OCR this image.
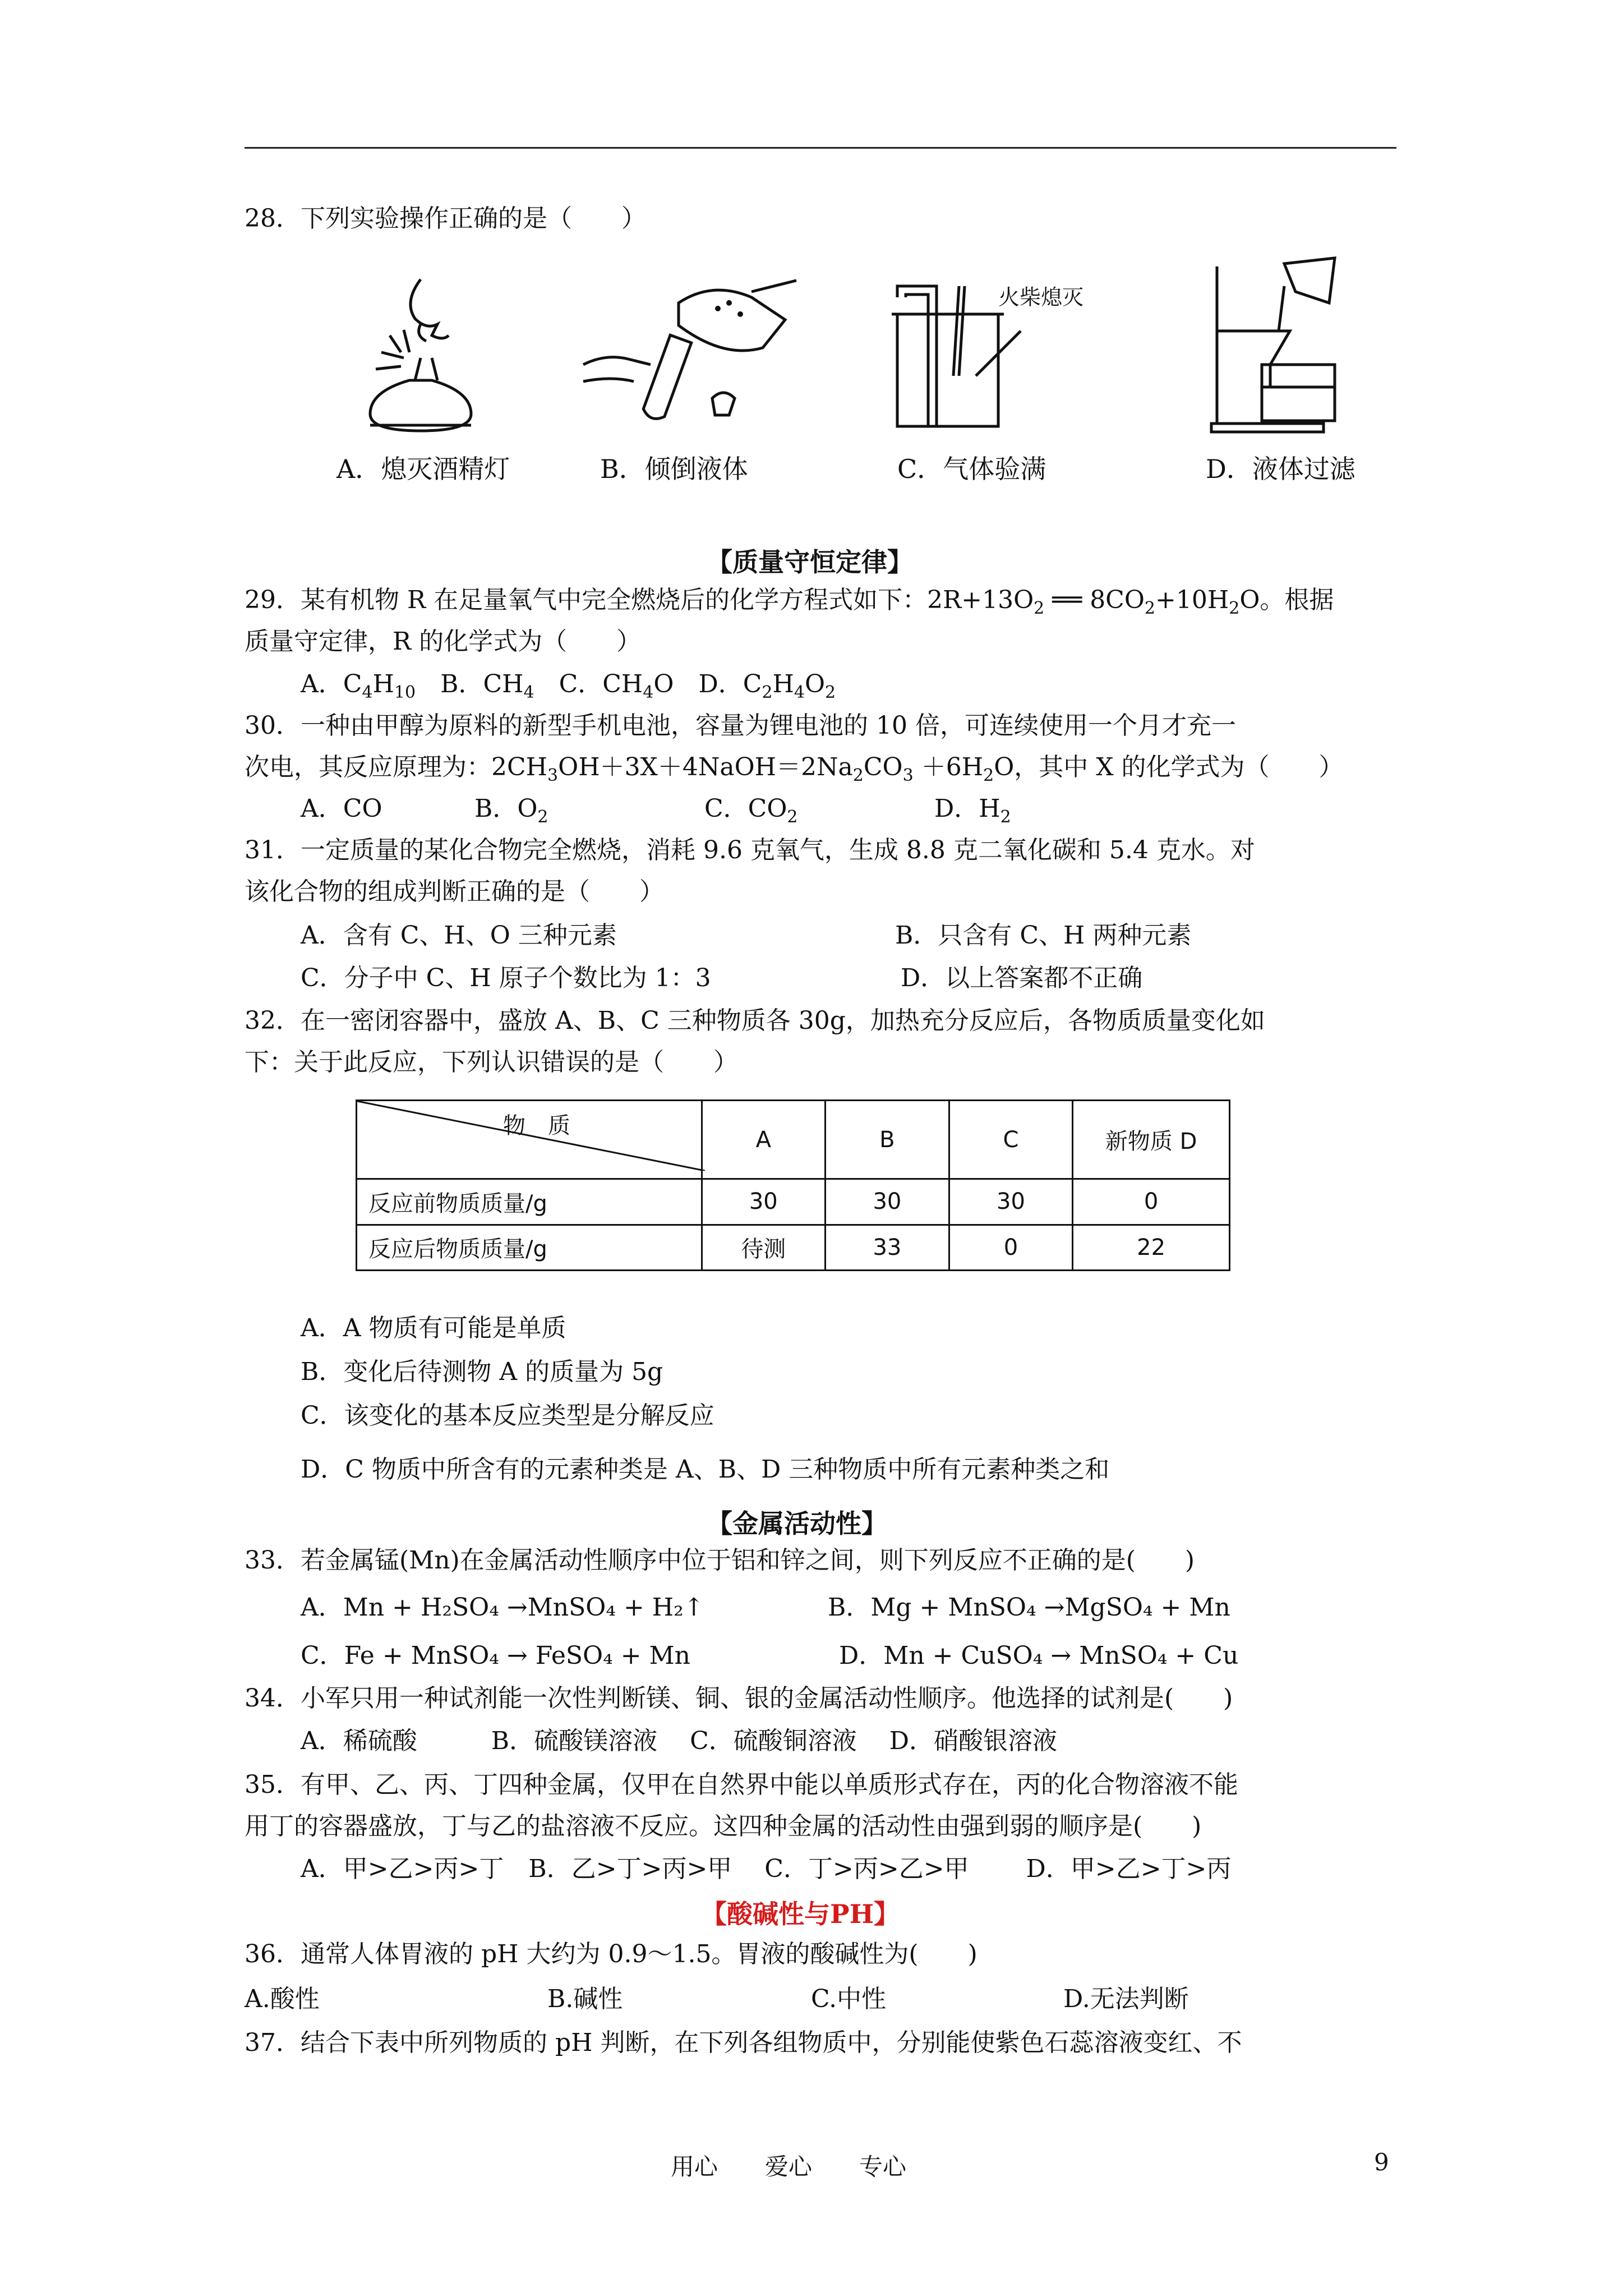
28．下列实验操作正确的是（　　）
火柴熄灭
A．熄灭酒精灯	B．倾倒液体	C．气体验满	D．液体过滤
【质量守恒定律】
29．某有机物 R 在足量氧气中完全燃烧后的化学方程式如下：$2R+13O_2$ ══ $8CO_2+10H_2O$。根据
质量守定律，R 的化学式为（　　）
A．$C_4H_{10}$　 B．$CH_4$　 C．$CH_4O$　 D．$C_2H_4O_2$
30．一种由甲醇为原料的新型手机电池，容量为锂电池的 10 倍，可连续使用一个月才充一
次电，其反应原理为：$2CH_3OH+3X+4NaOH=2Na_2CO_3 +6H_2O$，其中 X 的化学式为（　　）
A．CO	B．$O_2$	C．$CO_2$	D．$H_2$
31．一定质量的某化合物完全燃烧，消耗 9.6 克氧气，生成 8.8 克二氧化碳和 5.4 克水。对
该化合物的组成判断正确的是（　　）
A．含有 C、H、O 三种元素	B．只含有 C、H 两种元素
C．分子中 C、H 原子个数比为 1：3	D．以上答案都不正确
32．在一密闭容器中，盛放 A、B、C 三种物质各 30g，加热充分反应后，各物质质量变化如
下：关于此反应，下列认识错误的是（　　）
物　质	A	B	C	新物质 D
反应前物质质量/g	30	30	30	0
反应后物质质量/g	待测	33	0	22
A．A 物质有可能是单质
B．变化后待测物 A 的质量为 5g
C．该变化的基本反应类型是分解反应
D．C 物质中所含有的元素种类是 A、B、D 三种物质中所有元素种类之和
【金属活动性】
33．若金属锰(Mn)在金属活动性顺序中位于铝和锌之间，则下列反应不正确的是(　　)
A．Mn + H₂SO₄ →MnSO₄ + H₂↑	B．Mg + MnSO₄ →MgSO₄ + Mn
C．Fe + MnSO₄ → FeSO₄ + Mn	D．Mn + CuSO₄ → MnSO₄ + Cu
34．小军只用一种试剂能一次性判断镁、铜、银的金属活动性顺序。他选择的试剂是(　　)
A．稀硫酸　　　B．硫酸镁溶液　 C．硫酸铜溶液　 D．硝酸银溶液
35．有甲、乙、丙、丁四种金属，仅甲在自然界中能以单质形式存在，丙的化合物溶液不能
用丁的容器盛放，丁与乙的盐溶液不反应。这四种金属的活动性由强到弱的顺序是(　　)
A．甲>乙>丙>丁　B．乙>丁>丙>甲　 C．丁>丙>乙>甲　　 D．甲>乙>丁>丙
【酸碱性与PH】
36．通常人体胃液的 pH 大约为 0.9～1.5。胃液的酸碱性为(　　)
A.酸性	B.碱性	C.中性	D.无法判断
37．结合下表中所列物质的 pH 判断，在下列各组物质中，分别能使紫色石蕊溶液变红、不
用心　　爱心　　专心	9
